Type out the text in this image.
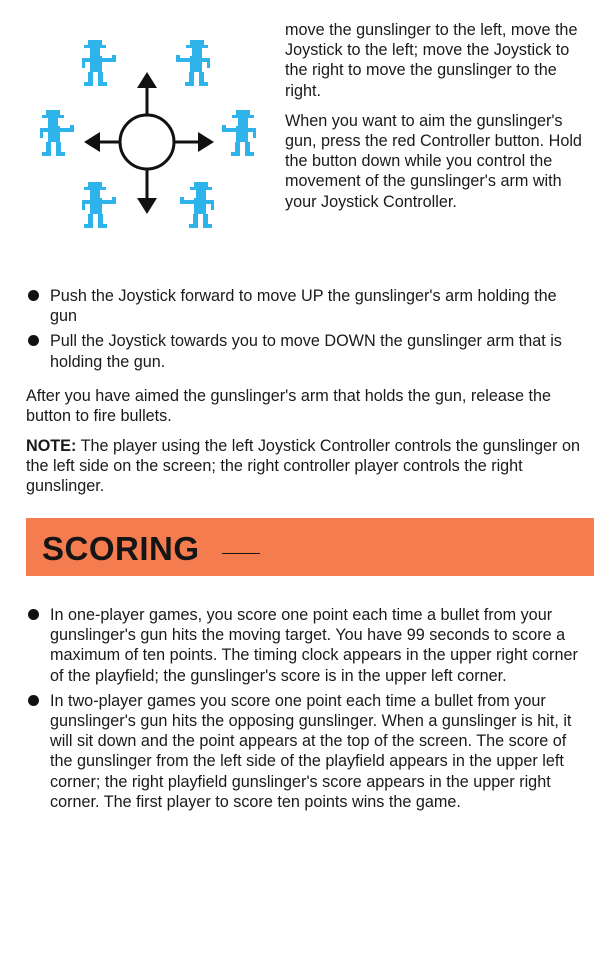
move the gunslinger to the left, move the Joystick to the left; move the Joystick to the right to move the gunslinger to the right.

When you want to aim the gunslinger's gun, press the red Controller button. Hold the button down while you control the movement of the gunslinger's arm with your Joystick Controller.

Push the Joystick forward to move UP the gunslinger's arm holding the gun
Pull the Joystick towards you to move DOWN the gunslinger arm that is holding the gun.

After you have aimed the gunslinger's arm that holds the gun, release the button to fire bullets.

NOTE: The player using the left Joystick Controller controls the gunslinger on the left side on the screen; the right controller player controls the right gunslinger.

SCORING
In one-player games, you score one point each time a bullet from your gunslinger's gun hits the moving target. You have 99 seconds to score a maximum of ten points. The timing clock appears in the upper right corner of the playfield; the gunslinger's score is in the upper left corner.
In two-player games you score one point each time a bullet from your gunslinger's gun hits the opposing gunslinger. When a gunslinger is hit, it will sit down and the point appears at the top of the screen. The score of the gunslinger from the left side of the playfield appears in the upper left corner; the right playfield gunslinger's score appears in the upper right corner. The first player to score ten points wins the game.
